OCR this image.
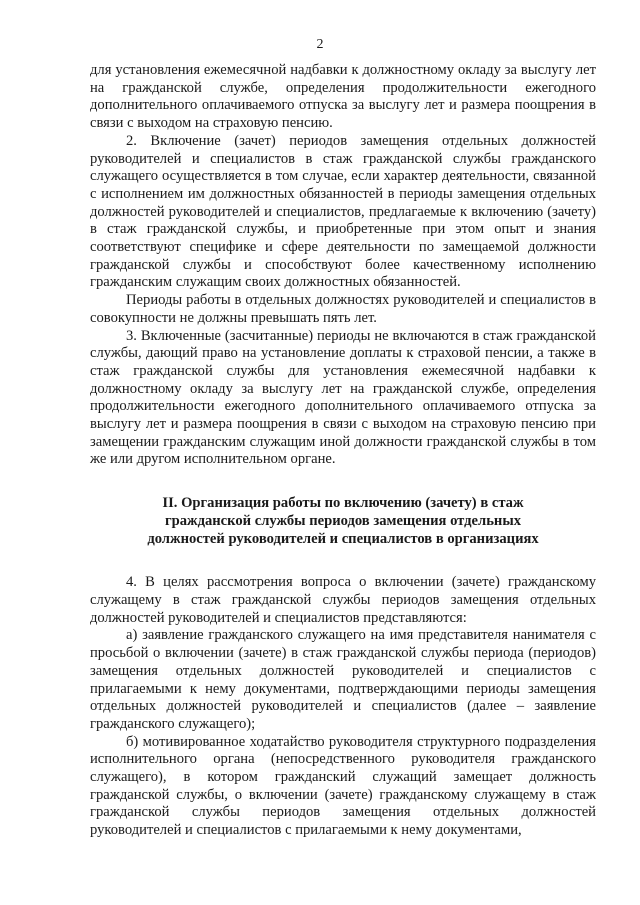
2

для установления ежемесячной надбавки к должностному окладу за выслугу лет на гражданской службе, определения продолжительности ежегодного дополнительного оплачиваемого отпуска за выслугу лет и размера поощрения в связи с выходом на страховую пенсию.

2. Включение (зачет) периодов замещения отдельных должностей руководителей и специалистов в стаж гражданской службы гражданского служащего осуществляется в том случае, если характер деятельности, связанной с исполнением им должностных обязанностей в периоды замещения отдельных должностей руководителей и специалистов, предлагаемые к включению (зачету) в стаж гражданской службы, и приобретенные при этом опыт и знания соответствуют специфике и сфере деятельности по замещаемой должности гражданской службы и способствуют более качественному исполнению гражданским служащим своих должностных обязанностей.

Периоды работы в отдельных должностях руководителей и специалистов в совокупности не должны превышать пять лет.

3. Включенные (засчитанные) периоды не включаются в стаж гражданской службы, дающий право на установление доплаты к страховой пенсии, а также в стаж гражданской службы для установления ежемесячной надбавки к должностному окладу за выслугу лет на гражданской службе, определения продолжительности ежегодного дополнительного оплачиваемого отпуска за выслугу лет и размера поощрения в связи с выходом на страховую пенсию при замещении гражданским служащим иной должности гражданской службы в том же или другом исполнительном органе.

II. Организация работы по включению (зачету) в стаж
гражданской службы периодов замещения отдельных
должностей руководителей и специалистов в организациях

4. В целях рассмотрения вопроса о включении (зачете) гражданскому служащему в стаж гражданской службы периодов замещения отдельных должностей руководителей и специалистов представляются:

а) заявление гражданского служащего на имя представителя нанимателя с просьбой о включении (зачете) в стаж гражданской службы периода (периодов) замещения отдельных должностей руководителей и специалистов с прилагаемыми к нему документами, подтверждающими периоды замещения отдельных должностей руководителей и специалистов (далее – заявление гражданского служащего);

б) мотивированное ходатайство руководителя структурного подразделения исполнительного органа (непосредственного руководителя гражданского служащего), в котором гражданский служащий замещает должность гражданской службы, о включении (зачете) гражданскому служащему в стаж гражданской службы периодов замещения отдельных должностей руководителей и специалистов с прилагаемыми к нему документами,
